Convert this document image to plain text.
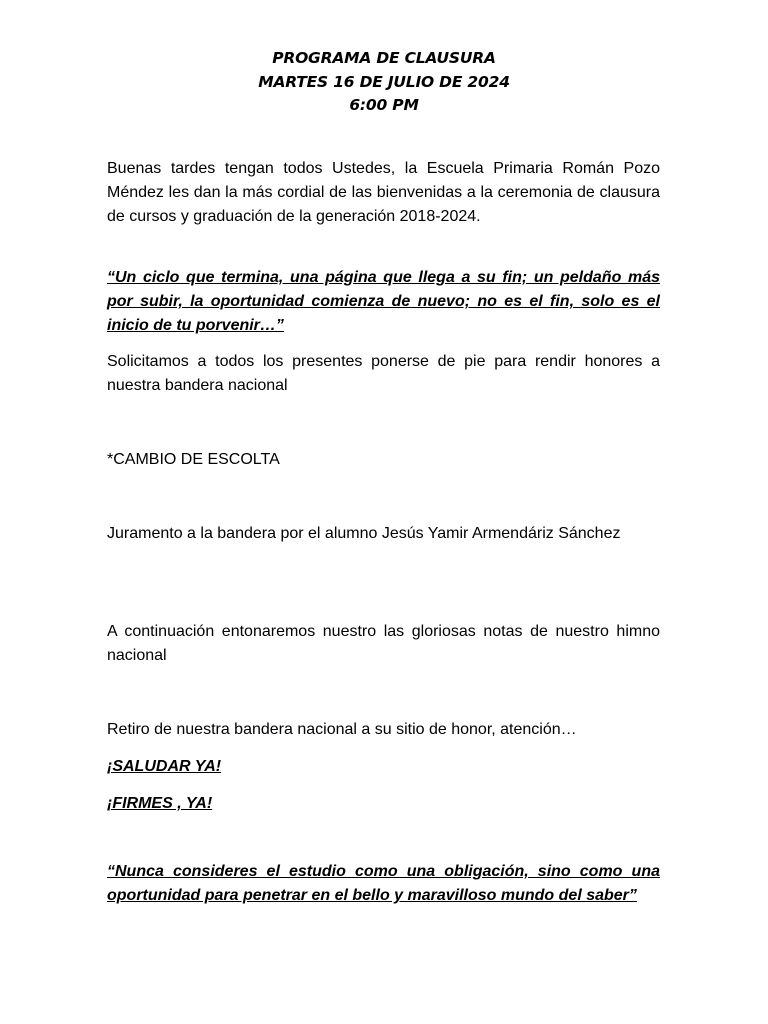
PROGRAMA DE CLAUSURA
MARTES 16 DE JULIO DE 2024
6:00 PM

Buenas tardes tengan todos Ustedes, la Escuela Primaria Román Pozo Méndez les dan la más cordial de las bienvenidas a la ceremonia de clausura de cursos y graduación de la generación 2018-2024.

“Un ciclo que termina, una página que llega a su fin; un peldaño más por subir, la oportunidad comienza de nuevo; no es el fin, solo es el inicio de tu porvenir…”

Solicitamos a todos los presentes ponerse de pie para rendir honores a nuestra bandera nacional

*CAMBIO DE ESCOLTA

Juramento a la bandera por el alumno Jesús Yamir Armendáriz Sánchez

A continuación entonaremos nuestro las gloriosas notas de nuestro himno nacional

Retiro de nuestra bandera nacional a su sitio de honor, atención…

¡SALUDAR YA!

¡FIRMES , YA!

“Nunca consideres el estudio como una obligación, sino como una oportunidad para penetrar en el bello y maravilloso mundo del saber”
